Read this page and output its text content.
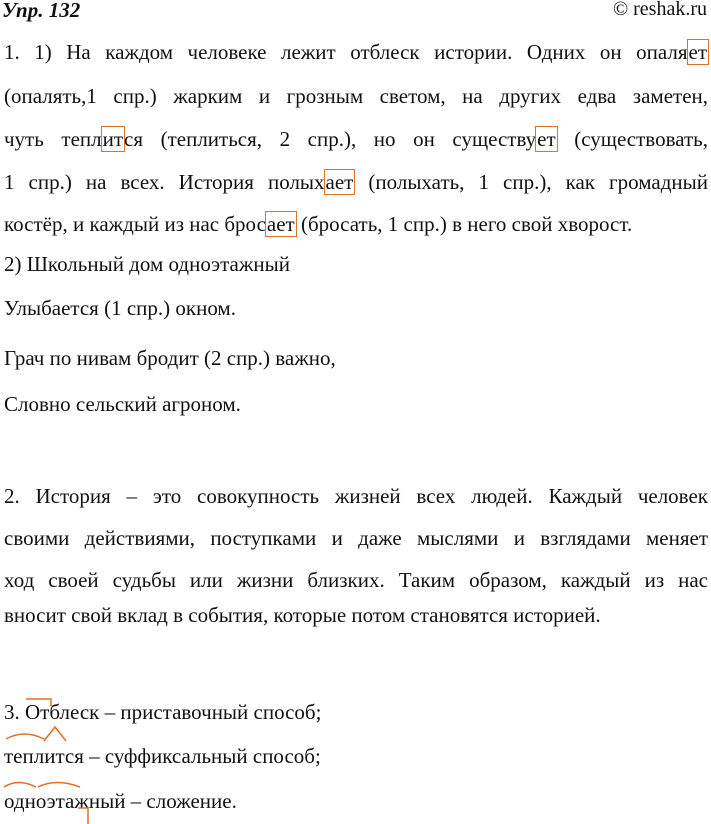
Упр. 132	© reshak.ru
1. 1) На каждом человеке лежит отблеск истории. Одних он опаляет
(опалять,1 спр.) жарким и грозным светом, на других едва заметен,
чуть теплится (теплиться, 2 спр.), но он существует (существовать,
1 спр.) на всех. История полыхает (полыхать, 1 спр.), как громадный
костёр, и каждый из нас бросает (бросать, 1 спр.) в него свой хворост.
2) Школьный дом одноэтажный
Улыбается (1 спр.) окном.
Грач по нивам бродит (2 спр.) важно,
Словно сельский агроном.
2. История – это совокупность жизней всех людей. Каждый человек
своими действиями, поступками и даже мыслями и взглядами меняет
ход своей судьбы или жизни близких. Таким образом, каждый из нас
вносит свой вклад в события, которые потом становятся историей.
3. Отблеск – приставочный способ;
теплится – суффиксальный способ;
одноэтажный – сложение.
